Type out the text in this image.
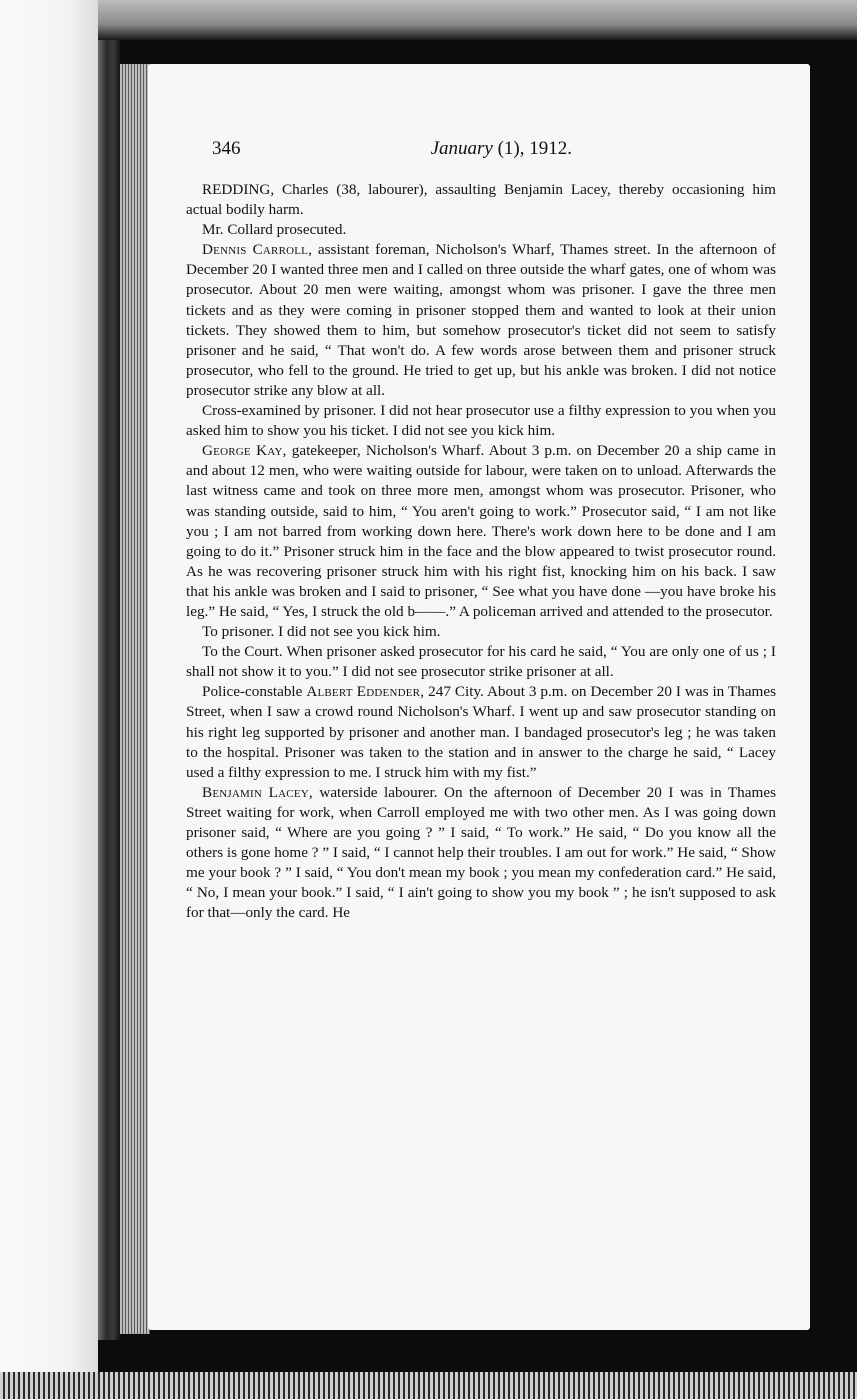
346	January (1), 1912.

REDDING, Charles (38, labourer), assaulting Benjamin Lacey, thereby occasioning him actual bodily harm.

Mr. Collard prosecuted.

Dennis Carroll, assistant foreman, Nicholson's Wharf, Thames street. In the afternoon of December 20 I wanted three men and I called on three outside the wharf gates, one of whom was prosecutor. About 20 men were waiting, amongst whom was prisoner. I gave the three men tickets and as they were coming in prisoner stopped them and wanted to look at their union tickets. They showed them to him, but somehow prosecutor's ticket did not seem to satisfy prisoner and he said, “ That won't do. A few words arose between them and prisoner struck prosecutor, who fell to the ground. He tried to get up, but his ankle was broken. I did not notice prosecutor strike any blow at all.

Cross-examined by prisoner. I did not hear prosecutor use a filthy expression to you when you asked him to show you his ticket. I did not see you kick him.

George Kay, gatekeeper, Nicholson's Wharf. About 3 p.m. on December 20 a ship came in and about 12 men, who were waiting outside for labour, were taken on to unload. Afterwards the last witness came and took on three more men, amongst whom was prosecutor. Prisoner, who was standing outside, said to him, “ You aren't going to work.” Prosecutor said, “ I am not like you ; I am not barred from working down here. There's work down here to be done and I am going to do it.” Prisoner struck him in the face and the blow appeared to twist prosecutor round. As he was recovering prisoner struck him with his right fist, knocking him on his back. I saw that his ankle was broken and I said to prisoner, “ See what you have done —you have broke his leg.” He said, “ Yes, I struck the old b——.” A policeman arrived and attended to the prosecutor.

To prisoner. I did not see you kick him.

To the Court. When prisoner asked prosecutor for his card he said, “ You are only one of us ; I shall not show it to you.” I did not see prosecutor strike prisoner at all.

Police-constable Albert Eddender, 247 City. About 3 p.m. on December 20 I was in Thames Street, when I saw a crowd round Nicholson's Wharf. I went up and saw prosecutor standing on his right leg supported by prisoner and another man. I bandaged prosecutor's leg ; he was taken to the hospital. Prisoner was taken to the station and in answer to the charge he said, “ Lacey used a filthy expression to me. I struck him with my fist.”

Benjamin Lacey, waterside labourer. On the afternoon of December 20 I was in Thames Street waiting for work, when Carroll employed me with two other men. As I was going down prisoner said, “ Where are you going ? ” I said, “ To work.” He said, “ Do you know all the others is gone home ? ” I said, “ I cannot help their troubles. I am out for work.” He said, “ Show me your book ? ” I said, “ You don't mean my book ; you mean my confederation card.” He said, “ No, I mean your book.” I said, “ I ain't going to show you my book ” ; he isn't supposed to ask for that—only the card. He
